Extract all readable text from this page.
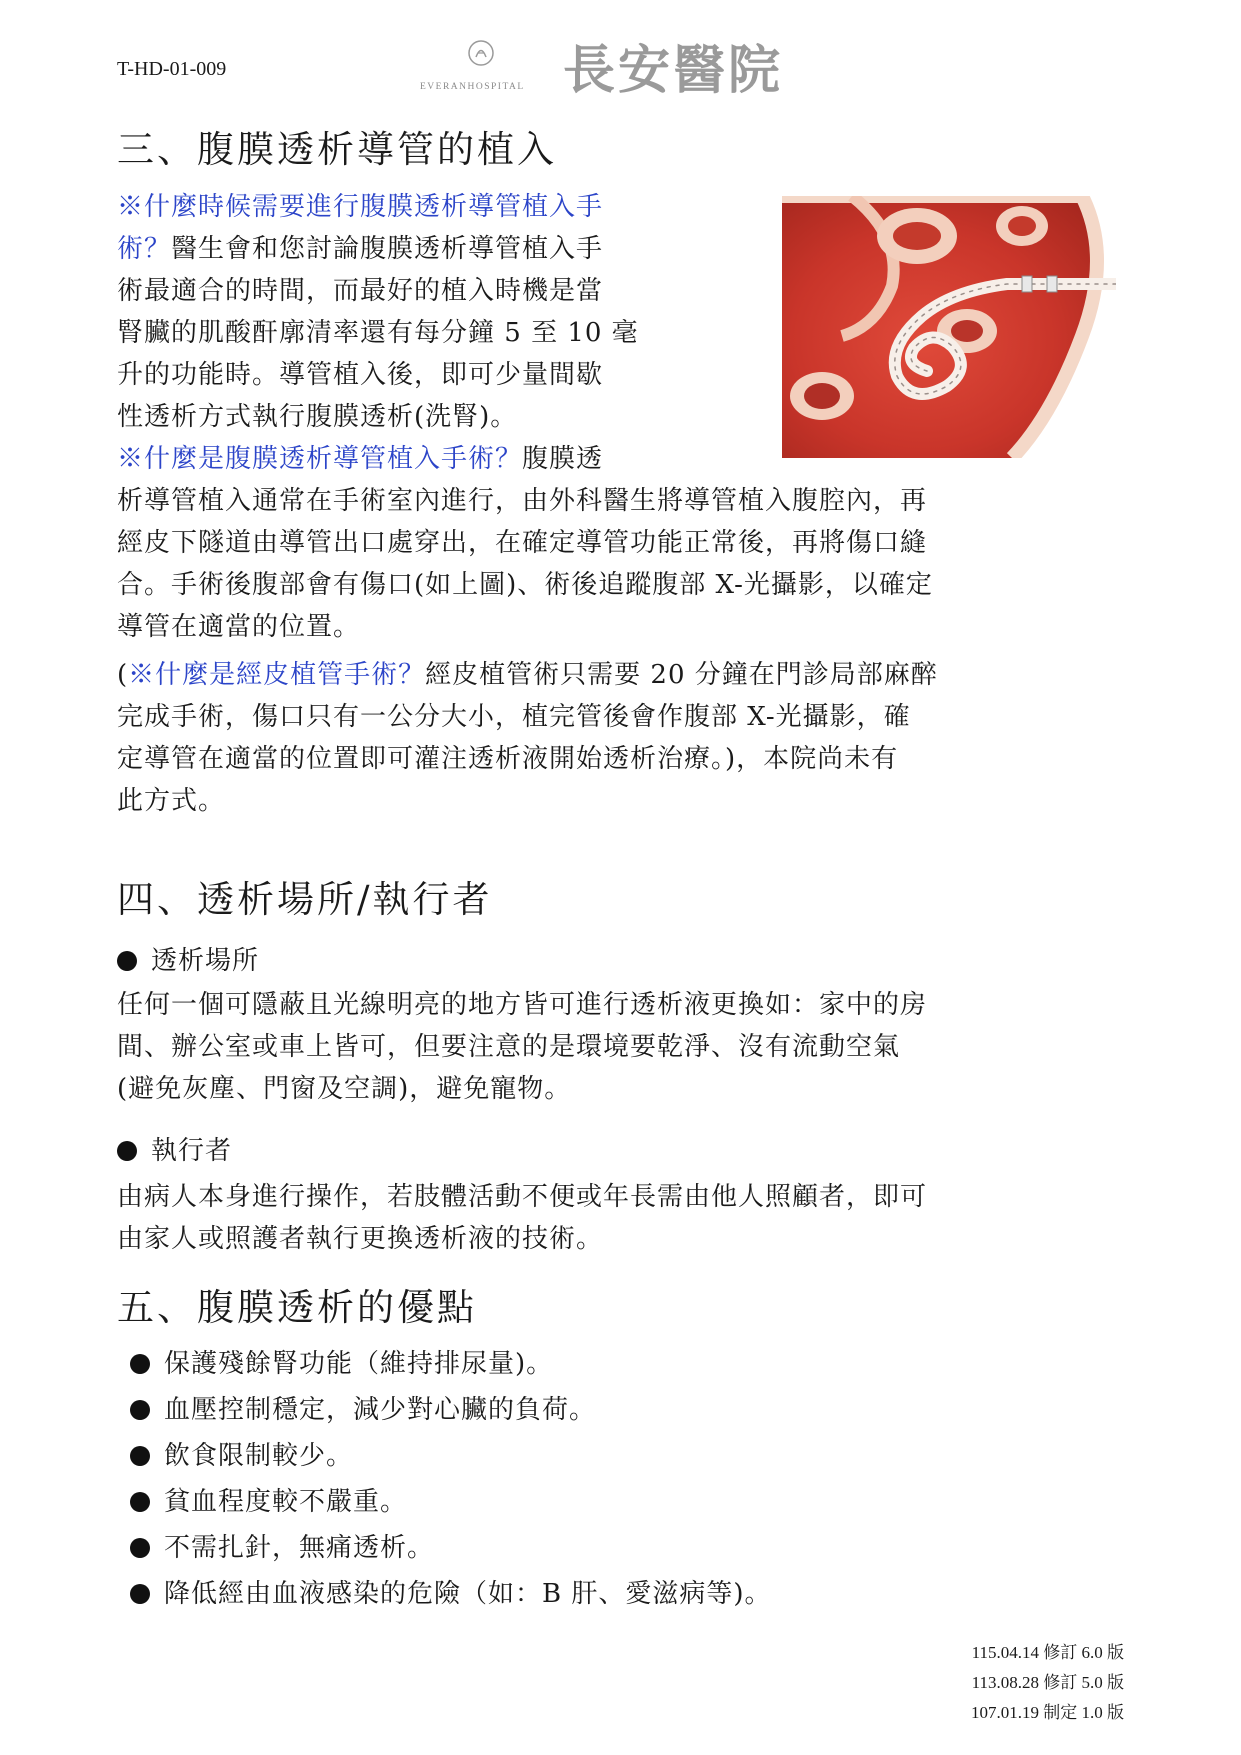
T-HD-01-009
EVERANHOSPITAL 長安醫院
三、腹膜透析導管的植入
※什麼時候需要進行腹膜透析導管植入手
術？醫生會和您討論腹膜透析導管植入手
術最適合的時間，而最好的植入時機是當
腎臟的肌酸酐廓清率還有每分鐘 5 至 10 毫
升的功能時。導管植入後，即可少量間歇
性透析方式執行腹膜透析(洗腎)。
※什麼是腹膜透析導管植入手術？腹膜透
析導管植入通常在手術室內進行，由外科醫生將導管植入腹腔內，再
經皮下隧道由導管出口處穿出，在確定導管功能正常後，再將傷口縫
合。手術後腹部會有傷口(如上圖)、術後追蹤腹部 X-光攝影，以確定
導管在適當的位置。
(※什麼是經皮植管手術？經皮植管術只需要 20 分鐘在門診局部麻醉
完成手術，傷口只有一公分大小，植完管後會作腹部 X-光攝影，確
定導管在適當的位置即可灌注透析液開始透析治療。)，本院尚未有
此方式。
四、透析場所/執行者
透析場所
任何一個可隱蔽且光線明亮的地方皆可進行透析液更換如：家中的房
間、辦公室或車上皆可，但要注意的是環境要乾淨、沒有流動空氣
(避免灰塵、門窗及空調)，避免寵物。
執行者
由病人本身進行操作，若肢體活動不便或年長需由他人照顧者，即可
由家人或照護者執行更換透析液的技術。
五、腹膜透析的優點
保護殘餘腎功能（維持排尿量)。
血壓控制穩定，減少對心臟的負荷。
飲食限制較少。
貧血程度較不嚴重。
不需扎針，無痛透析。
降低經由血液感染的危險（如：B 肝、愛滋病等)。
115.04.14 修訂 6.0 版
113.08.28 修訂 5.0 版
107.01.19 制定 1.0 版
